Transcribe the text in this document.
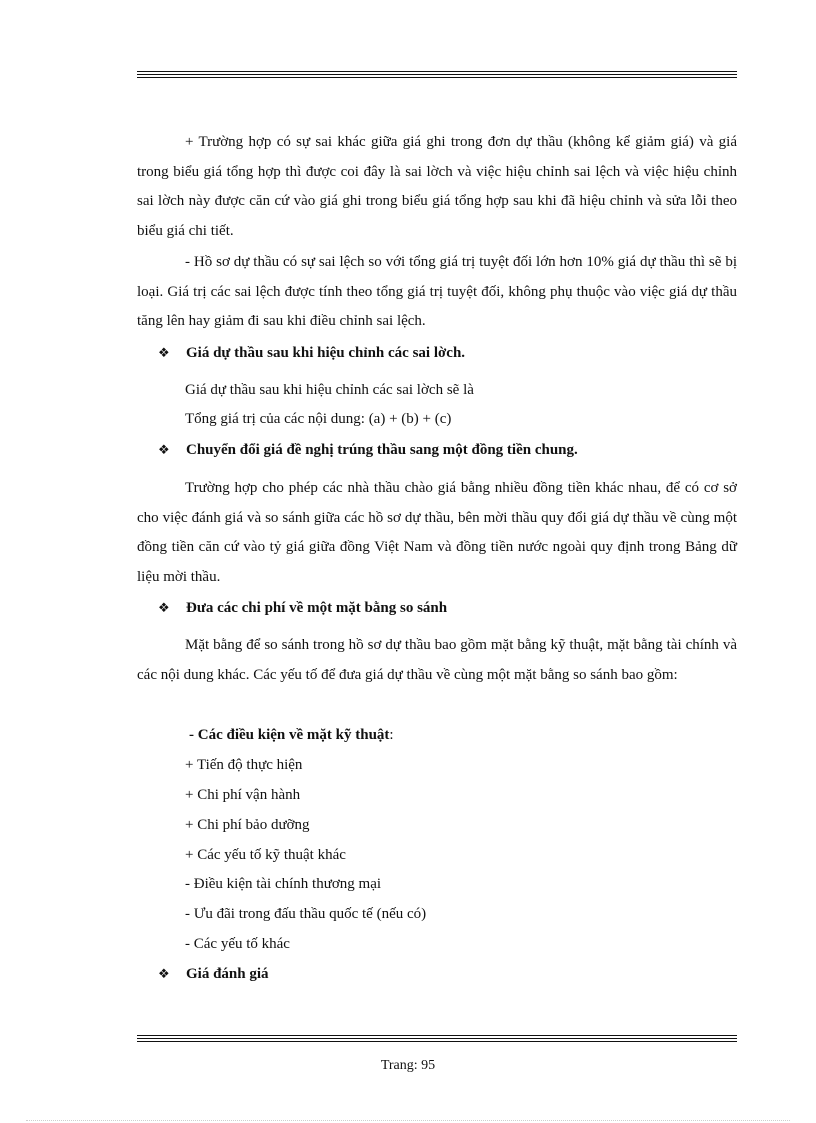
+ Trường hợp có sự sai khác giữa giá ghi trong đơn dự thầu (không kể giảm giá) và giá trong biểu giá tổng hợp thì được coi đây là sai lờch và việc hiệu chỉnh sai lệch và việc hiệu chỉnh sai lờch này được căn cứ vào giá ghi trong biểu giá tổng hợp sau khi đã hiệu chỉnh và sửa lỗi theo biểu giá chi tiết.

- Hồ sơ dự thầu có sự sai lệch so với tổng giá trị tuyệt đối lớn hơn 10% giá dự thầu thì sẽ bị loại. Giá trị các sai lệch được tính theo tổng giá trị tuyệt đối, không phụ thuộc vào việc giá dự thầu tăng lên hay giảm đi sau khi điều chỉnh sai lệch.

❖ Giá dự thầu sau khi hiệu chỉnh các sai lờch.

Giá dự thầu sau khi hiệu chỉnh các sai lờch sẽ là

Tổng giá trị của các nội dung: (a) + (b) + (c)

❖ Chuyển đổi giá đề nghị trúng thầu sang một đồng tiền chung.

Trường hợp cho phép các nhà thầu chào giá bằng nhiều đồng tiền khác nhau, để có cơ sở cho việc đánh giá và so sánh giữa các hồ sơ dự thầu, bên mời thầu quy đổi giá dự thầu về cùng một đồng tiền căn cứ vào tỷ giá giữa đồng Việt Nam và đồng tiền nước ngoài quy định trong Bảng dữ liệu mời thầu.

❖ Đưa các chi phí về một mặt bằng so sánh

Mặt bằng để so sánh trong hồ sơ dự thầu bao gồm mặt bằng kỹ thuật, mặt bằng tài chính và các nội dung khác. Các yếu tố để đưa giá dự thầu về cùng một mặt bằng so sánh bao gồm:

- Các điều kiện về mặt kỹ thuật:

+ Tiến độ thực hiện

+ Chi phí vận hành

+ Chi phí bảo dưỡng

+ Các yếu tố kỹ thuật khác

- Điều kiện tài chính thương mại

- Ưu đãi trong đấu thầu quốc tế (nếu có)

- Các yếu tố khác

❖ Giá đánh giá
Trang: 95
